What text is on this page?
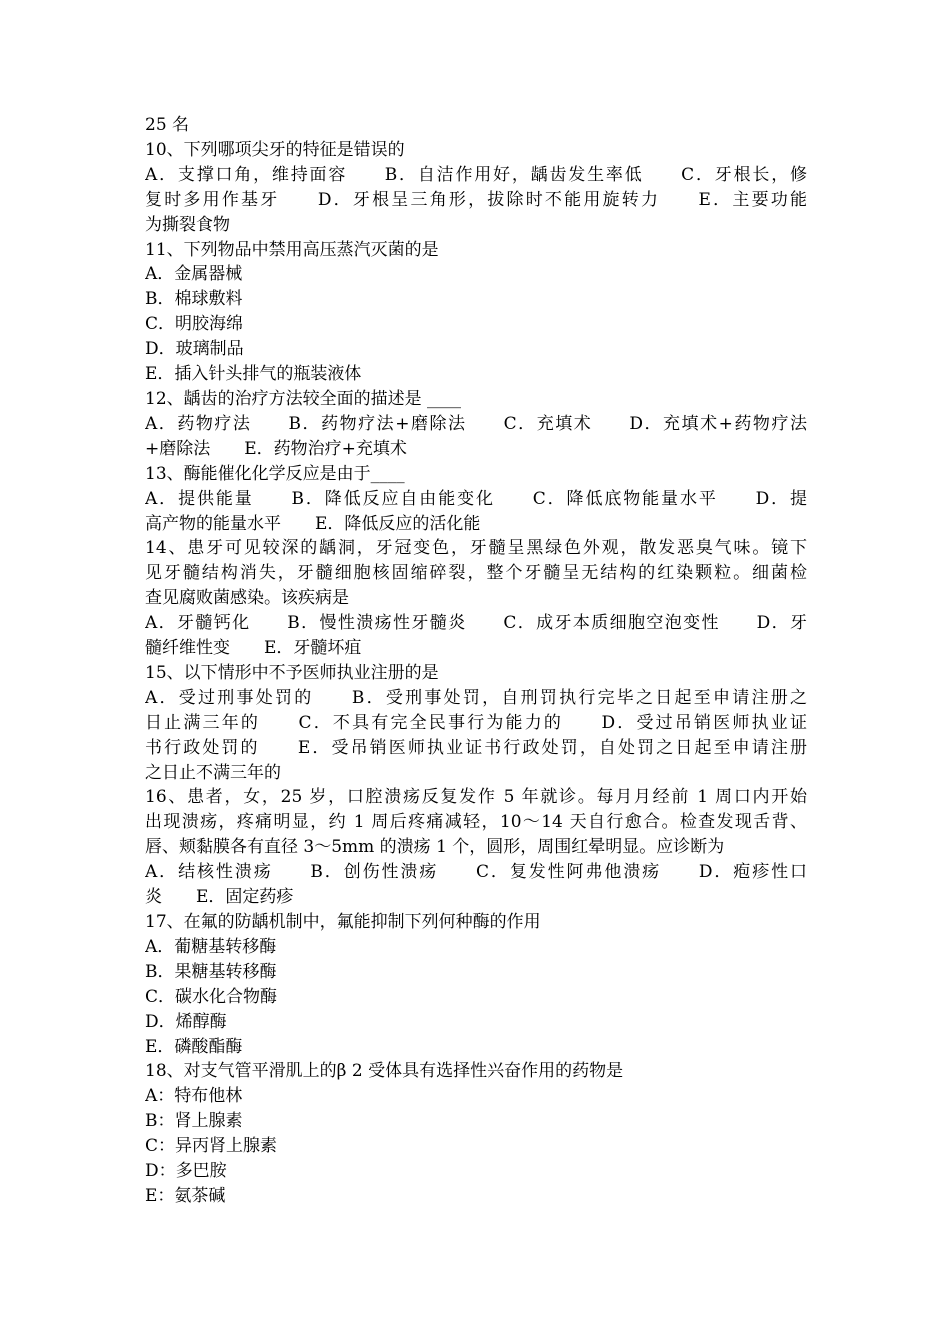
25 名
10、下列哪项尖牙的特征是错误的
A．支撑口角，维持面容　　B．自洁作用好，龋齿发生率低　　C．牙根长，修
复时多用作基牙　　D．牙根呈三角形，拔除时不能用旋转力　　E．主要功能
为撕裂食物
11、下列物品中禁用高压蒸汽灭菌的是
A．金属器械
B．棉球敷料
C．明胶海绵
D．玻璃制品
E．插入针头排气的瓶装液体
12、龋齿的治疗方法较全面的描述是 ____
A．药物疗法　　B．药物疗法+磨除法　　C．充填术　　D．充填术+药物疗法
+磨除法　　E．药物治疗+充填术
13、酶能催化化学反应是由于____
A．提供能量　　B．降低反应自由能变化　　C．降低底物能量水平　　D．提
高产物的能量水平　　E．降低反应的活化能
14、患牙可见较深的龋洞，牙冠变色，牙髓呈黑绿色外观，散发恶臭气味。镜下
见牙髓结构消失，牙髓细胞核固缩碎裂，整个牙髓呈无结构的红染颗粒。细菌检
查见腐败菌感染。该疾病是
A．牙髓钙化　　B．慢性溃疡性牙髓炎　　C．成牙本质细胞空泡变性　　D．牙
髓纤维性变　　E．牙髓坏疽
15、以下情形中不予医师执业注册的是
A．受过刑事处罚的　　B．受刑事处罚，自刑罚执行完毕之日起至申请注册之
日止满三年的　　C．不具有完全民事行为能力的　　D．受过吊销医师执业证
书行政处罚的　　E．受吊销医师执业证书行政处罚，自处罚之日起至申请注册
之日止不满三年的
16、患者，女，25 岁，口腔溃疡反复发作 5 年就诊。每月月经前 1 周口内开始
出现溃疡，疼痛明显，约 1 周后疼痛减轻，10～14 天自行愈合。检查发现舌背、
唇、颊黏膜各有直径 3～5mm 的溃疡 1 个，圆形，周围红晕明显。应诊断为
A．结核性溃疡　　B．创伤性溃疡　　C．复发性阿弗他溃疡　　D．疱疹性口
炎　　E．固定药疹
17、在氟的防龋机制中，氟能抑制下列何种酶的作用
A．葡糖基转移酶
B．果糖基转移酶
C．碳水化合物酶
D．烯醇酶
E．磷酸酯酶
18、对支气管平滑肌上的β 2 受体具有选择性兴奋作用的药物是
A：特布他林
B：肾上腺素
C：异丙肾上腺素
D：多巴胺
E：氨茶碱
